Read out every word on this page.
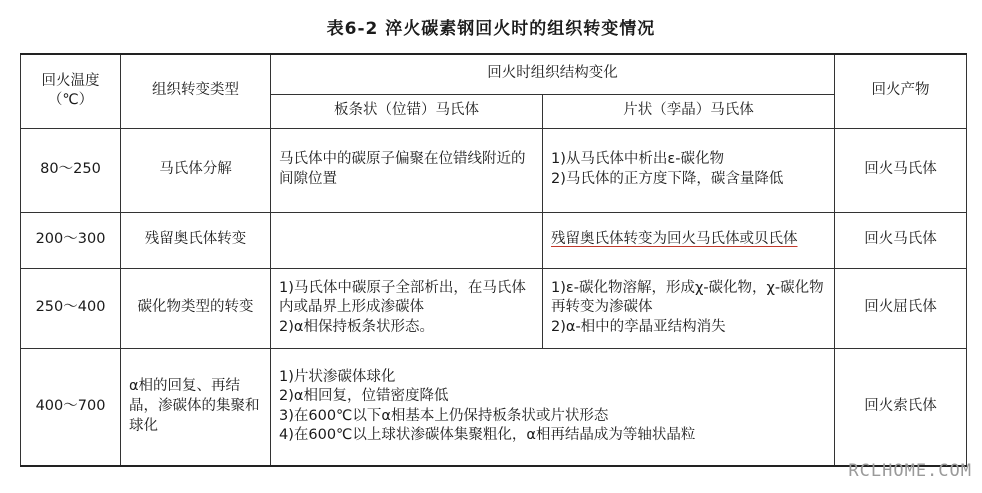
表6-2 淬火碳素钢回火时的组织转变情况
回火温度（℃）	组织转变类型	回火时组织结构变化		回火产物
		板条状（位错）马氏体	片状（孪晶）马氏体	
80～250	马氏体分解	马氏体中的碳原子偏聚在位错线附近的间隙位置	1)从马氏体中析出ε-碳化物
2)马氏体的正方度下降，碳含量降低	回火马氏体
200～300	残留奥氏体转变		残留奥氏体转变为回火马氏体或贝氏体	回火马氏体
250～400	碳化物类型的转变	1)马氏体中碳原子全部析出，在马氏体内或晶界上形成渗碳体
2)α相保持板条状形态。	1)ε-碳化物溶解，形成χ-碳化物，χ-碳化物再转变为渗碳体
2)α-相中的孪晶亚结构消失	回火屈氏体
400～700	α相的回复、再结晶，渗碳体的集聚和球化	1)片状渗碳体球化
2)α相回复，位错密度降低
3)在600℃以下α相基本上仍保持板条状或片状形态
4)在600℃以上球状渗碳体集聚粗化，α相再结晶成为等轴状晶粒		回火索氏体
RCLHOME.COM
